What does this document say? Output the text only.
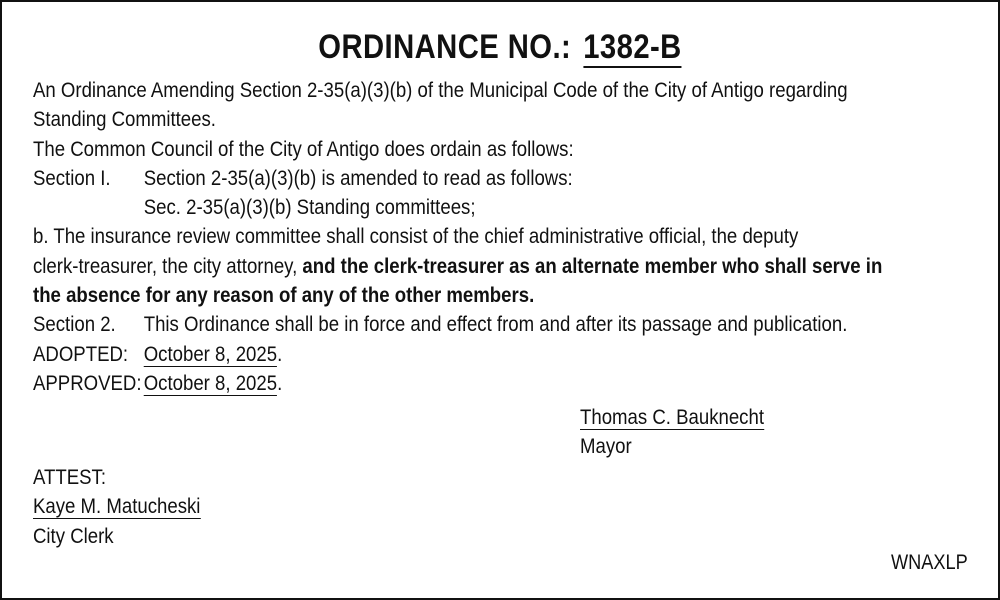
ORDINANCE NO.: 1382-B
An Ordinance Amending Section 2-35(a)(3)(b) of the Municipal Code of the City of Antigo regarding
Standing Committees.
The Common Council of the City of Antigo does ordain as follows:
Section I. Section 2-35(a)(3)(b) is amended to read as follows:
Sec. 2-35(a)(3)(b) Standing committees;
b. The insurance review committee shall consist of the chief administrative official, the deputy
clerk-treasurer, the city attorney, and the clerk-treasurer as an alternate member who shall serve in
the absence for any reason of any of the other members.
Section 2. This Ordinance shall be in force and effect from and after its passage and publication.
ADOPTED: October 8, 2025.
APPROVED: October 8, 2025.
Thomas C. Bauknecht
Mayor
ATTEST:
Kaye M. Matucheski
City Clerk
WNAXLP
